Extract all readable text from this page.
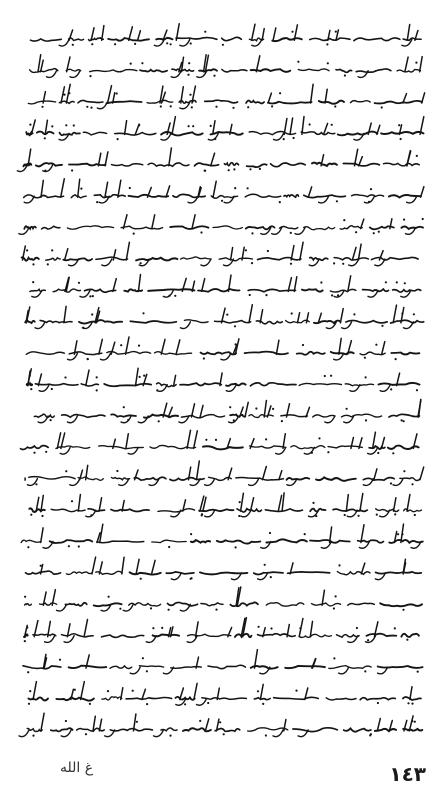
غ الله	١٤٣
